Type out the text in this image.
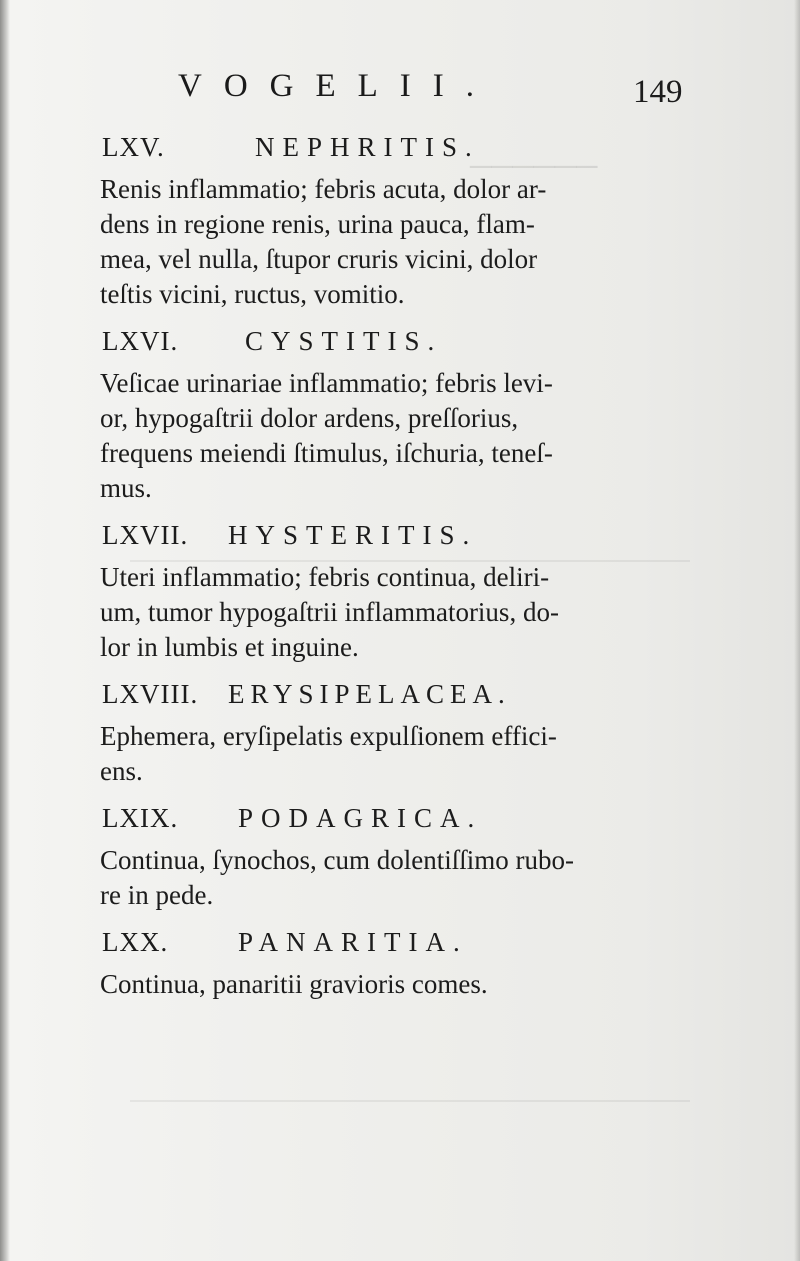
──────
VOGELII.	149
LXV.	NEPHRITIS.

Renis inflammatio; febris acuta, dolor ar-
dens in regione renis, urina pauca, flam-
mea, vel nulla, ſtupor cruris vicini, dolor
teſtis vicini, ructus, vomitio.

LXVI. CYSTITIS.

Veſicae urinariae inflammatio; febris levi-
or, hypogaſtrii dolor ardens, preſſorius,
frequens meiendi ſtimulus, iſchuria, teneſ-
mus.

LXVII. HYSTERITIS.

Uteri inflammatio; febris continua, deliri-
um, tumor hypogaſtrii inflammatorius, do-
lor in lumbis et inguine.

LXVIII. ERYSIPELACEA.

Ephemera, eryſipelatis expulſionem effici-
ens.

LXIX. PODAGRICA.

Continua, ſynochos, cum dolentiſſimo rubo-
re in pede.

LXX.	PANARITIA.

Continua, panaritii gravioris comes.
